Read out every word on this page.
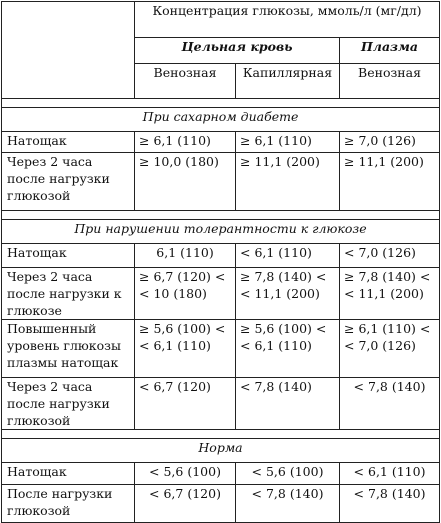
	Концентрация глюкозы, ммоль/л (мг/дл)		
	Цельная кровь		Плазма
	Венозная	Капиллярная	Венозная

При сахарном диабете			
Натощак	≥ 6,1 (110)	≥ 6,1 (110)	≥ 7,0 (126)
Через 2 часа после нагрузки глюкозой	≥ 10,0 (180)	≥ 11,1 (200)	≥ 11,1 (200)

При нарушении толерантности к глюкозе			
Натощак	6,1 (110)	< 6,1 (110)	< 7,0 (126)
Через 2 часа после нагрузки к глюкозе	≥ 6,7 (120) < < 10 (180)	≥ 7,8 (140) < < 11,1 (200)	≥ 7,8 (140) < < 11,1 (200)
Повышенный уровень глюкозы плазмы натощак	≥ 5,6 (100) < < 6,1 (110)	≥ 5,6 (100) < < 6,1 (110)	≥ 6,1 (110) < < 7,0 (126)
Через 2 часа после нагрузки глюкозой	< 6,7 (120)	< 7,8 (140)	< 7,8 (140)

Норма			
Натощак	< 5,6 (100)	< 5,6 (100)	< 6,1 (110)
После нагрузки глюкозой	< 6,7 (120)	< 7,8 (140)	< 7,8 (140)
